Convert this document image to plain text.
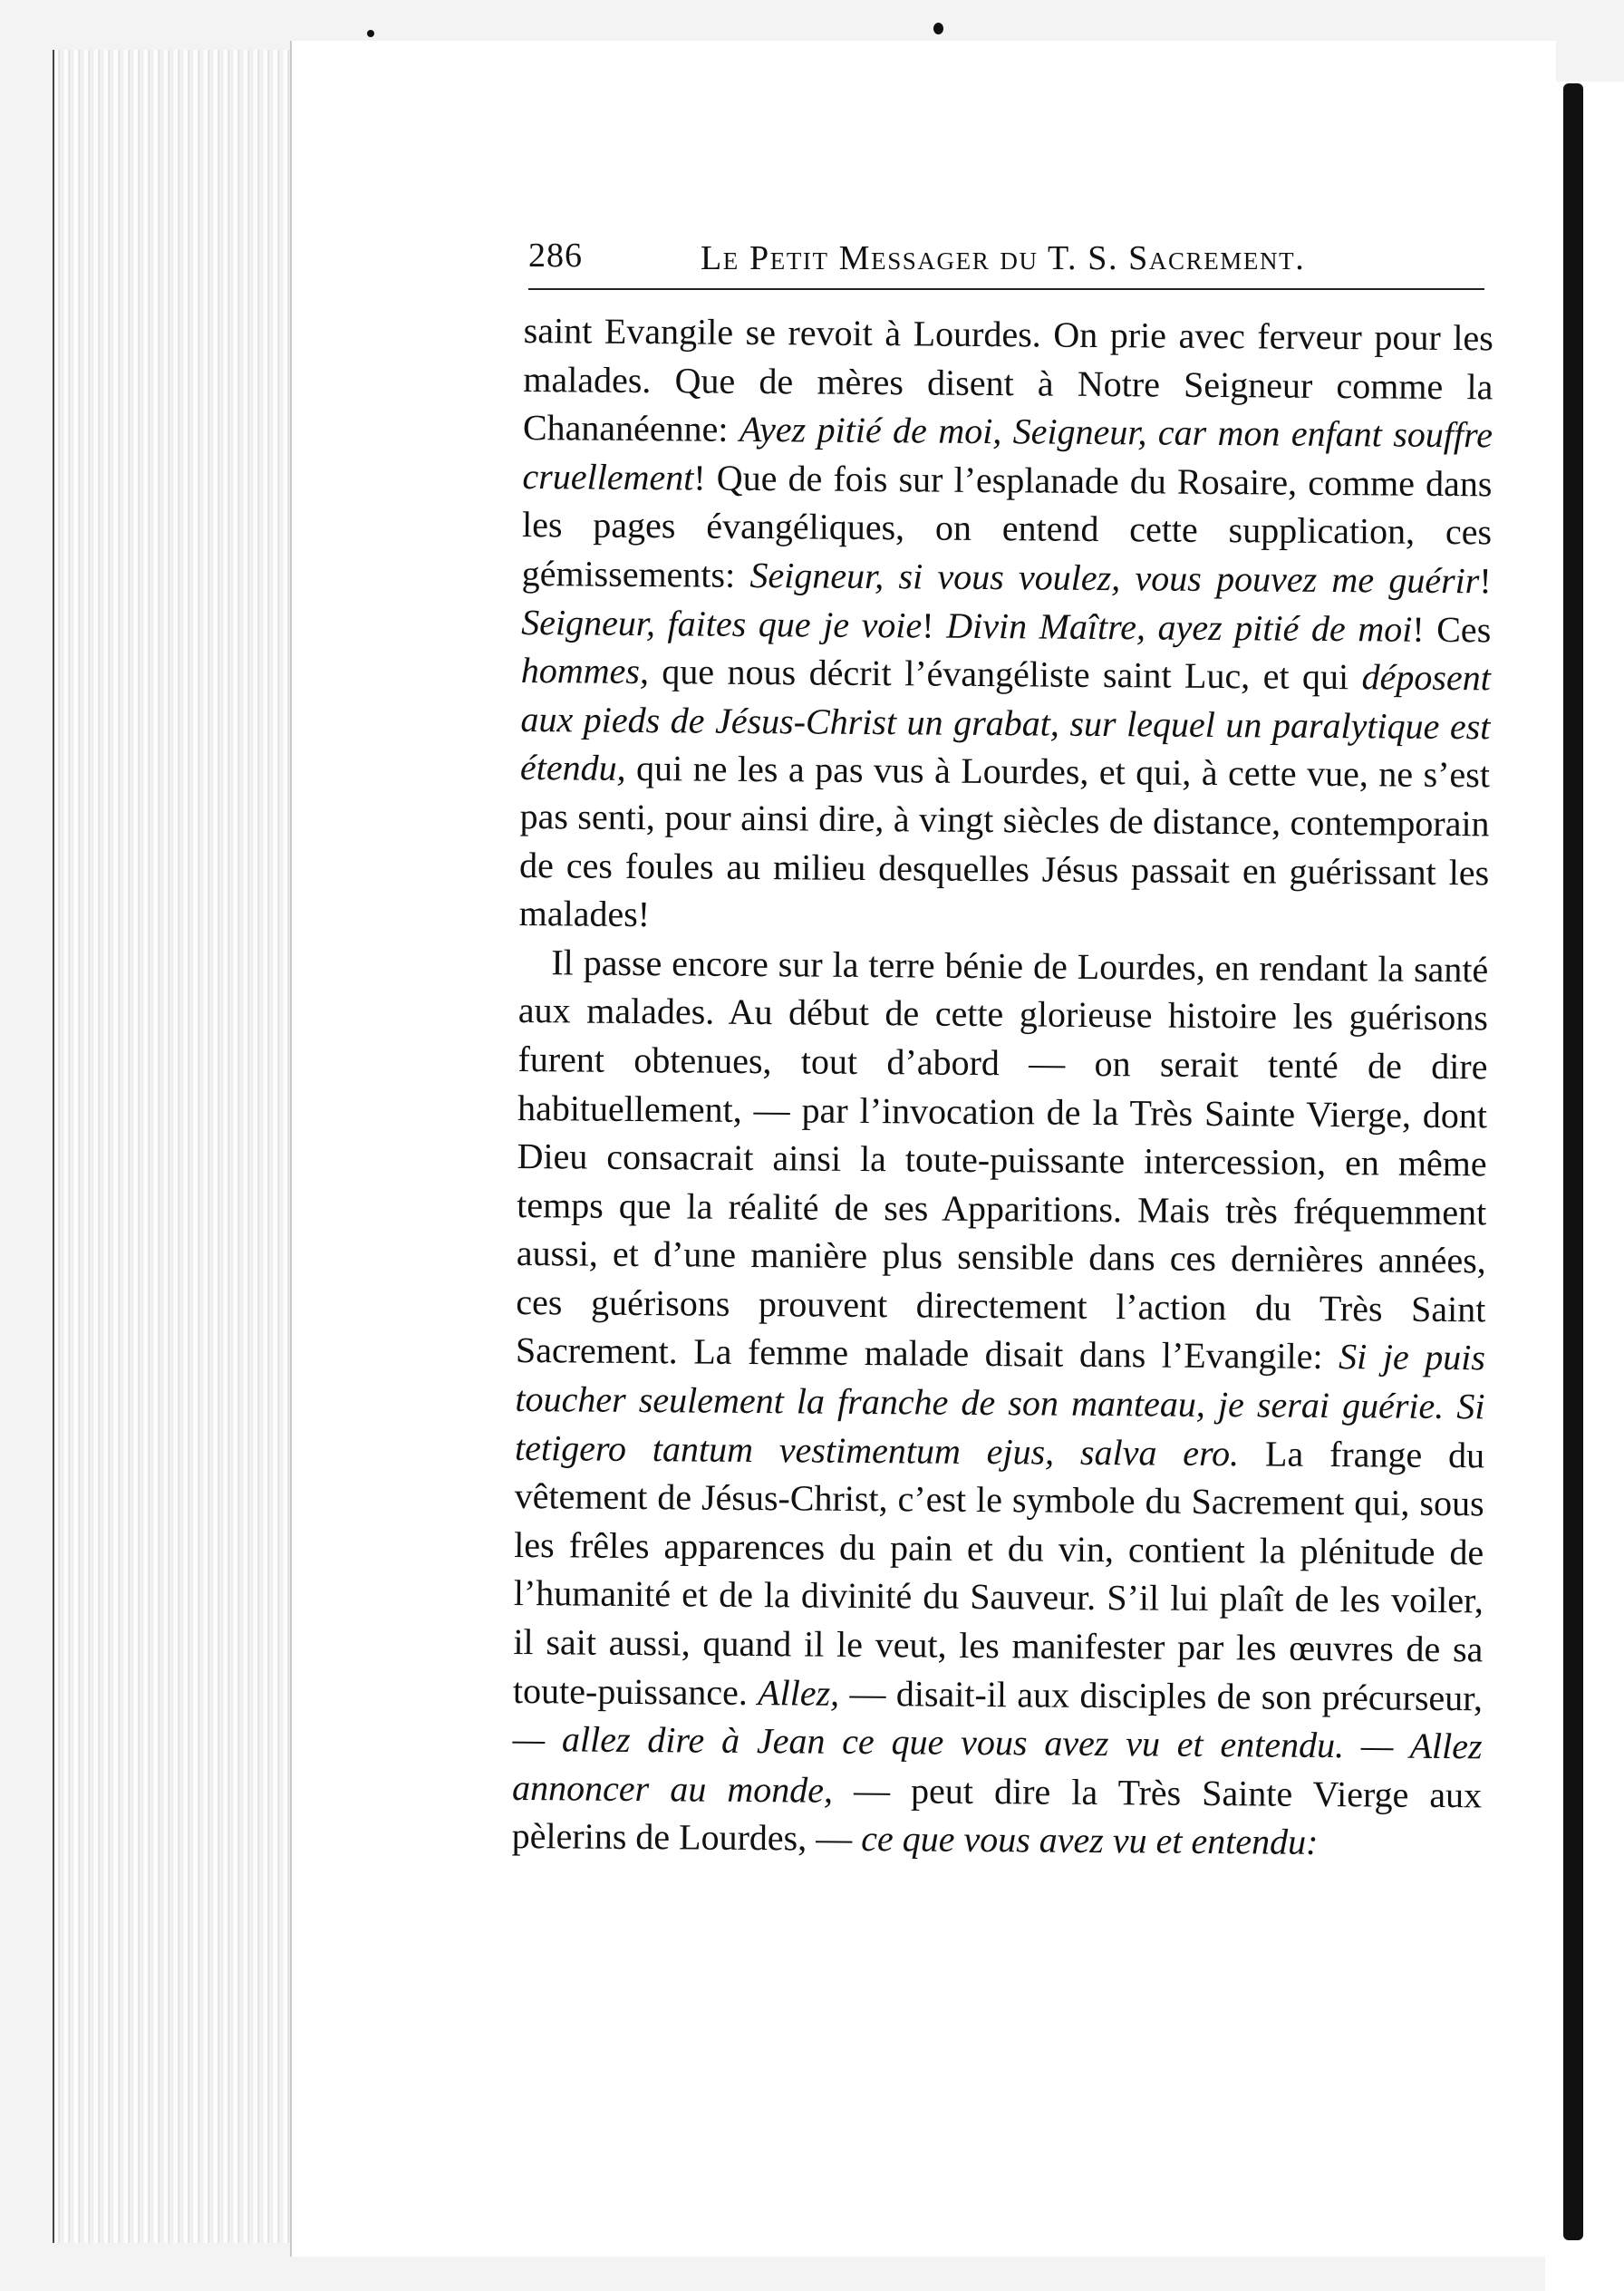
286	Le Petit Messager du T. S. Sacrement.

saint Evangile se revoit à Lourdes. On prie avec ferveur pour les malades. Que de mères disent à Notre Seigneur comme la Chananéenne: Ayez pitié de moi, Seigneur, car mon enfant souffre cruellement! Que de fois sur l’esplanade du Rosaire, comme dans les pages évangéliques, on entend cette supplication, ces gémissements: Seigneur, si vous voulez, vous pouvez me guérir! Seigneur, faites que je voie! Divin Maître, ayez pitié de moi! Ces hommes, que nous décrit l’évangéliste saint Luc, et qui déposent aux pieds de Jésus-Christ un grabat, sur lequel un paralytique est étendu, qui ne les a pas vus à Lourdes, et qui, à cette vue, ne s’est pas senti, pour ainsi dire, à vingt siècles de distance, contemporain de ces foules au milieu desquelles Jésus passait en guérissant les malades!

Il passe encore sur la terre bénie de Lourdes, en rendant la santé aux malades. Au début de cette glorieuse histoire les guérisons furent obtenues, tout d’abord — on serait tenté de dire habituellement, — par l’invocation de la Très Sainte Vierge, dont Dieu consacrait ainsi la toute-puissante intercession, en même temps que la réalité de ses Apparitions. Mais très fréquemment aussi, et d’une manière plus sensible dans ces dernières années, ces guérisons prouvent directement l’action du Très Saint Sacrement. La femme malade disait dans l’Evangile: Si je puis toucher seulement la franche de son manteau, je serai guérie. Si tetigero tantum vestimentum ejus, salva ero. La frange du vêtement de Jésus-Christ, c’est le symbole du Sacrement qui, sous les frêles apparences du pain et du vin, contient la plénitude de l’humanité et de la divinité du Sauveur. S’il lui plaît de les voiler, il sait aussi, quand il le veut, les manifester par les œuvres de sa toute-puissance. Allez, — disait-il aux disciples de son précurseur, — allez dire à Jean ce que vous avez vu et entendu. — Allez annoncer au monde, — peut dire la Très Sainte Vierge aux pèlerins de Lourdes, — ce que vous avez vu et entendu:
